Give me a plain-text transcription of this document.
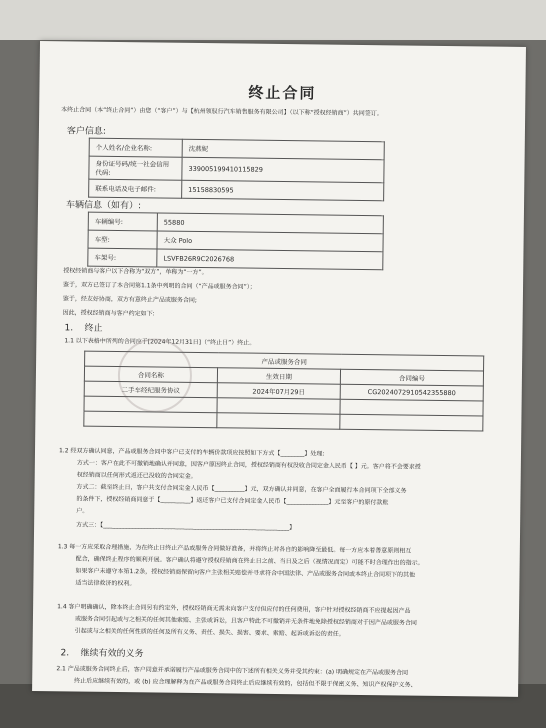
终止合同
本终止合同（本“终止合同”）由您（“客户”）与【杭州领驭行汽车销售服务有限公司】（以下称“授权经销商”）共同签订。
客户信息:
个人姓名/企业名称:	沈燕妮
身份证号码/统一社会信用代码:	339005199410115829
联系电话及电子邮件:	15158830595
车辆信息（如有）:
车辆编号:	55880
车型:	大众 Polo
车架号:	LSVFB26R9C2026768
授权经销商与客户以下合称为“双方”，单称为“一方”。
鉴于，双方已签订了本合同第1.1条中列明的合同（“产品或服务合同”）；
鉴于，经友好协商，双方有意终止产品或服务合同;
因此，授权经销商与客户约定如下:
1. 终止
1.1 以下表格中所列的合同应于[2024年12月31日]（“终止日”）终止。
产品或服务合同		
合同名称	生效日期	合同编号
二手车经纪服务协议	2024年07月29日	CG2024072910542355880

1.2 经双方确认同意，产品或服务合同中客户已支付的车辆价款项应按照如下方式【________】处理:
方式一：客户在此不可撤销地确认并同意，因客户原因终止合同，授权经销商有权没收合同定金人民币【 】元。客户将不会要求授
权经销商以任何形式返还已没收的合同定金。
方式二：截至终止日，客户共支付合同定金人民币【__________】元，双方确认并同意，在客户全面履行本合同项下全部义务
的条件下，授权经销商同意于【__________】返还客户已支付合同定金人民币【______________】元至客户的原付款账
户。
方式三：【______________________________________________________________】
1.3 每一方应采取合理措施，为在终止日终止产品或服务合同做好准备，并将终止对各自的影响降至最低。每一方应本着善意原则相互
配合，确保终止程序的顺利开展。客户确认将遵守授权经销商在终止日之前、当日及之后（视情况而定）可能不时合理作出的指示。
如果客户未遵守本第1.2条，授权经销商保留向客户主张相关赔偿并寻求符合中国法律、产品或服务合同或本终止合同项下的其他
适当法律救济的权利。
1.4 客户明确确认，除本终止合同另有约定外，授权经销商无需未向客户支付但应付的任何费用，客户针对授权经销商不应提起因产品
或服务合同引起或与之相关的任何其他索赔、主张或诉讼，且客户特此不可撤销并无条件地免除授权经销商对于因产品或服务合同
引起或与之相关的任何性质的任何及所有义务、责任、损失、损害、要求、索赔、起诉或诉讼的责任。
2. 继续有效的义务
2.1 产品或服务合同终止后，客户同意并承诺履行产品或服务合同中的下述所有相关义务并受其约束：(a) 明确规定在产品或服务合同
终止后应继续有效的，或 (b) 应合理解释为在产品或服务合同终止后应继续有效的，包括但不限于保密义务、知识产权保护义务、
